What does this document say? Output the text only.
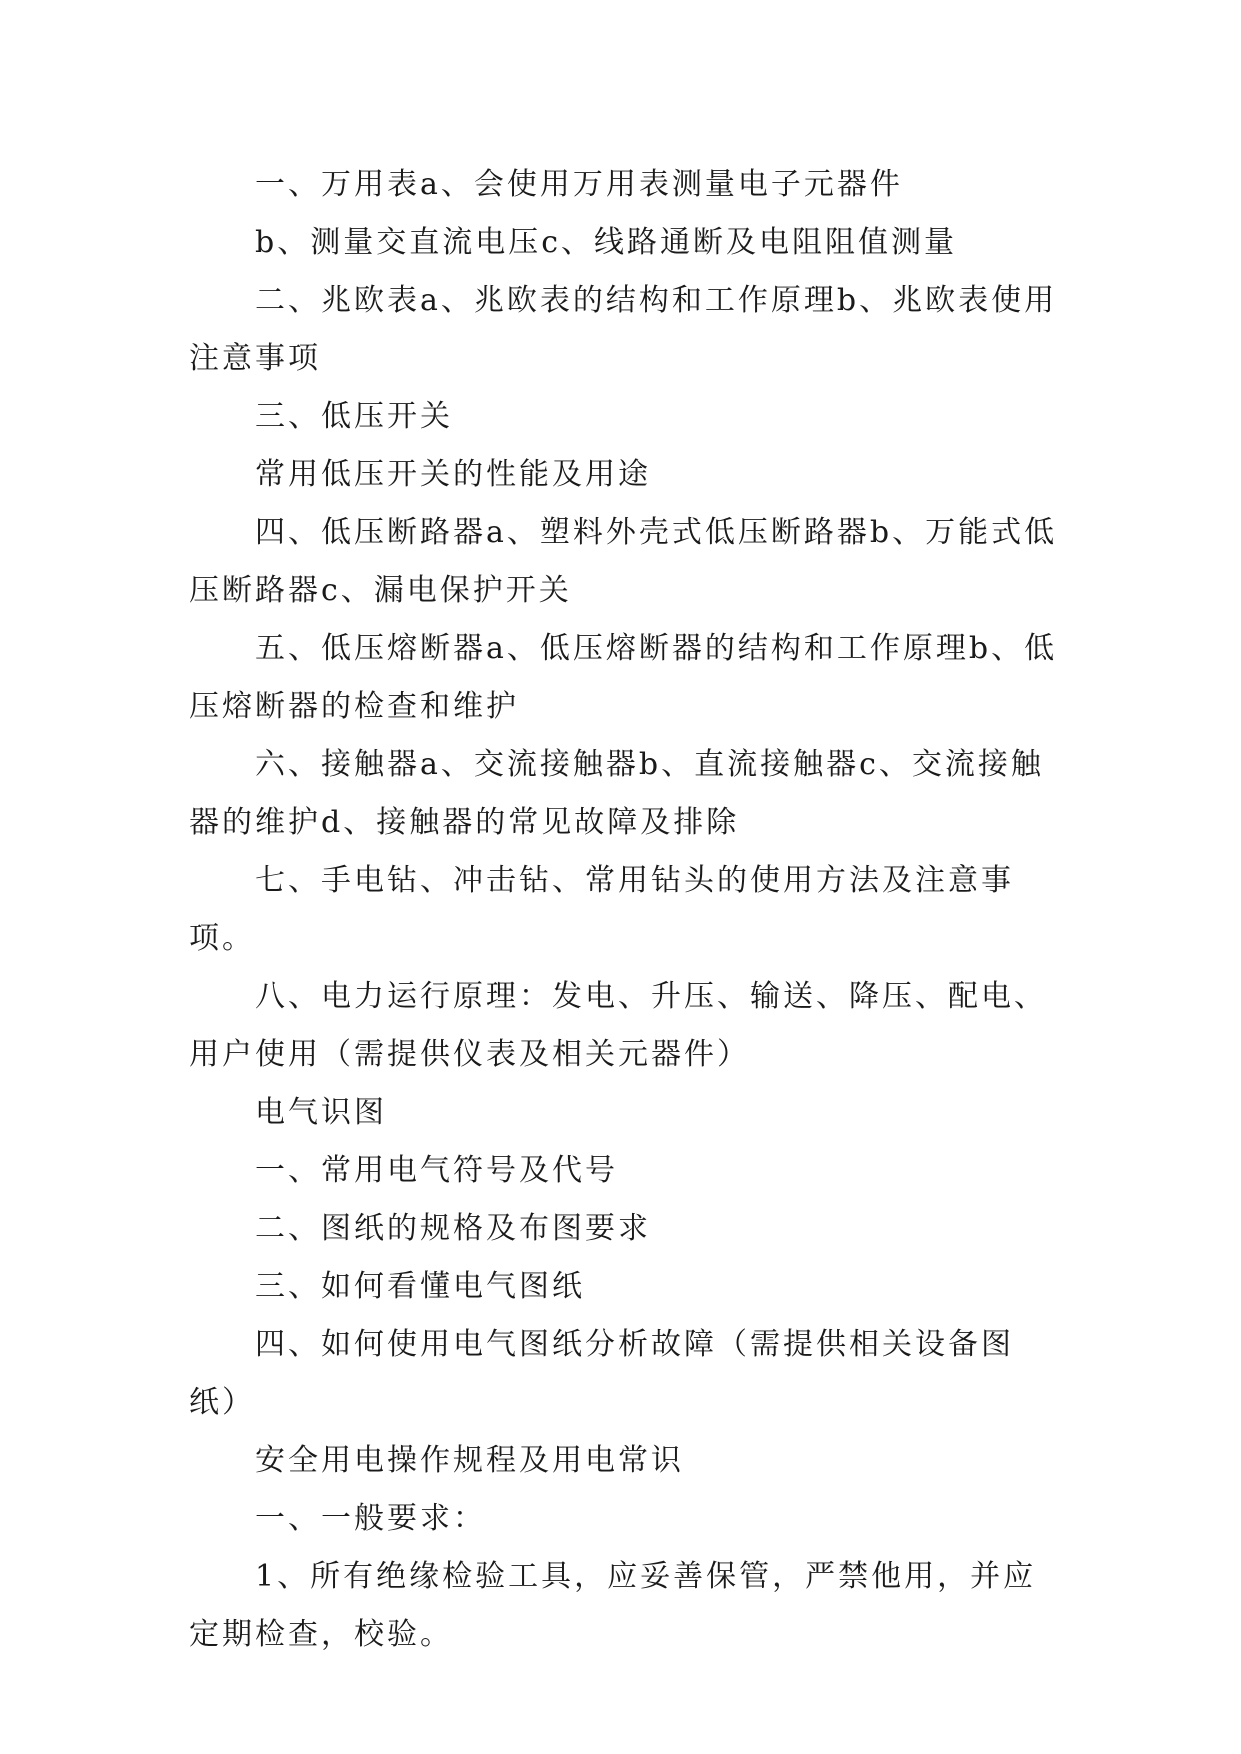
一、万用表a、会使用万用表测量电子元器件

b、测量交直流电压c、线路通断及电阻阻值测量

二、兆欧表a、兆欧表的结构和工作原理b、兆欧表使用注意事项

三、低压开关

常用低压开关的性能及用途

四、低压断路器a、塑料外壳式低压断路器b、万能式低压断路器c、漏电保护开关

五、低压熔断器a、低压熔断器的结构和工作原理b、低压熔断器的检查和维护

六、接触器a、交流接触器b、直流接触器c、交流接触器的维护d、接触器的常见故障及排除

七、手电钻、冲击钻、常用钻头的使用方法及注意事项。

八、电力运行原理：发电、升压、输送、降压、配电、用户使用（需提供仪表及相关元器件）

电气识图

一、常用电气符号及代号

二、图纸的规格及布图要求

三、如何看懂电气图纸

四、如何使用电气图纸分析故障（需提供相关设备图纸）

安全用电操作规程及用电常识

一、一般要求：

1、所有绝缘检验工具，应妥善保管，严禁他用，并应定期检查，校验。
